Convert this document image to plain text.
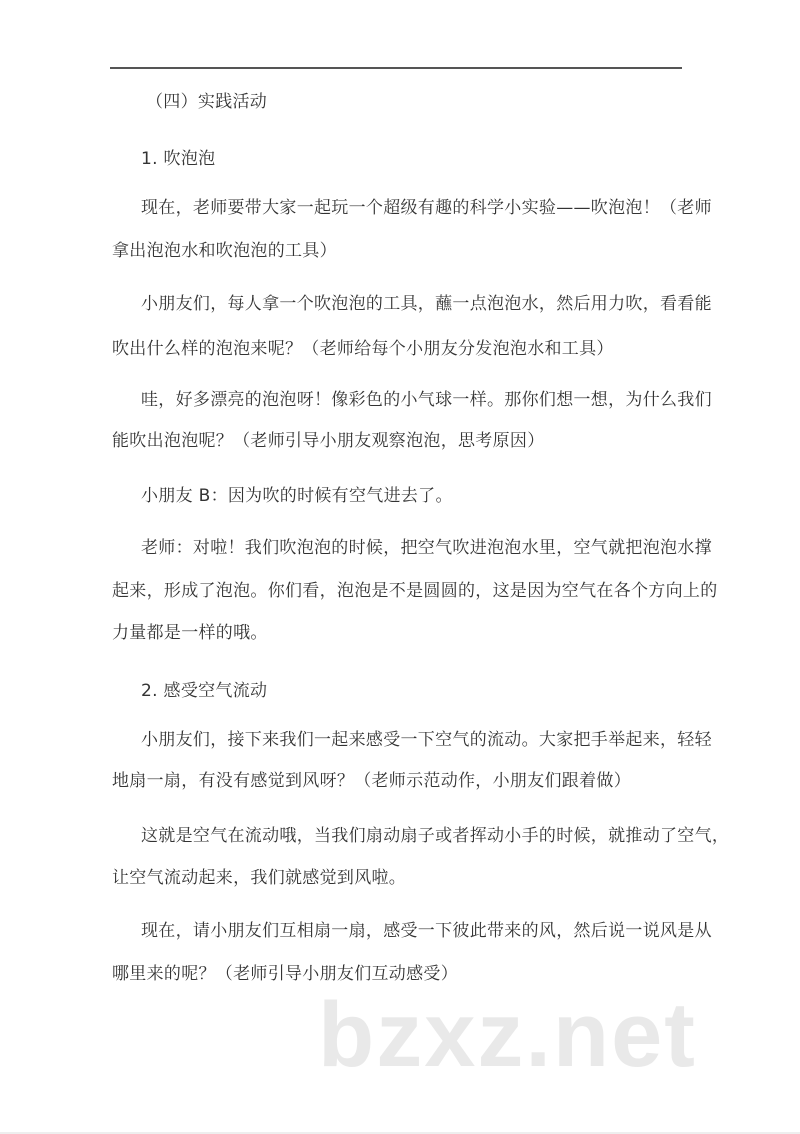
（四）实践活动
1. 吹泡泡
现在，老师要带大家一起玩一个超级有趣的科学小实验——吹泡泡！（老师
拿出泡泡水和吹泡泡的工具）
小朋友们，每人拿一个吹泡泡的工具，蘸一点泡泡水，然后用力吹，看看能
吹出什么样的泡泡来呢？（老师给每个小朋友分发泡泡水和工具）
哇，好多漂亮的泡泡呀！像彩色的小气球一样。那你们想一想，为什么我们
能吹出泡泡呢？（老师引导小朋友观察泡泡，思考原因）
小朋友 B：因为吹的时候有空气进去了。
老师：对啦！我们吹泡泡的时候，把空气吹进泡泡水里，空气就把泡泡水撑
起来，形成了泡泡。你们看，泡泡是不是圆圆的，这是因为空气在各个方向上的
力量都是一样的哦。
2. 感受空气流动
小朋友们，接下来我们一起来感受一下空气的流动。大家把手举起来，轻轻
地扇一扇，有没有感觉到风呀？（老师示范动作，小朋友们跟着做）
这就是空气在流动哦，当我们扇动扇子或者挥动小手的时候，就推动了空气，
让空气流动起来，我们就感觉到风啦。
现在，请小朋友们互相扇一扇，感受一下彼此带来的风，然后说一说风是从
哪里来的呢？（老师引导小朋友们互动感受）
bzxz.net
